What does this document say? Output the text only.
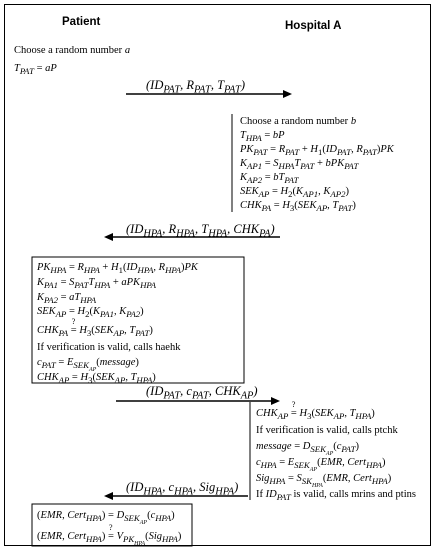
Patient	Hospital A
Choose a random number a
$T_{PAT}$ = aP
($ID_{PAT}$, $R_{PAT}$, $T_{PAT}$)
Choose a random number b
$T_{HPA}$ = bP
$PK_{PAT} = R_{PAT} + H_1(ID_{PAT}$, $R_{PAT})PK$
$K_{AP1} = S_{HPA}T_{PAT} + bPK_{PAT}$
$K_{AP2} = bT_{PAT}$
$SEK_{AP} = H_2(K_{AP1}$, $K_{AP2}$)
$CHK_{PA} = H_3(SEK_{AP}$, $T_{PAT}$)
($ID_{HPA}$, $R_{HPA}$, $T_{HPA}$, $CHK_{PA}$)
$PK_{HPA} = R_{HPA} + H_1(ID_{HPA}$, $R_{HPA})PK$
$K_{PA1} = S_{PAT}T_{HPA} + aPK_{HPA}$
$K_{PA2} = aT_{HPA}$
$SEK_{AP} = H_2(K_{PA1}$, $K_{PA2}$)
$CHK_{PA}$ =
?
$H_3(SEK_{AP}$, $T_{PAT}$)
If verification is valid, calls haehk
$c_{PAT}$ = $E_{SEK_{AP}}(message)$
$CHK_{AP} = H_3(SEK_{AP}$, $T_{HPA}$)
($ID_{PAT}$, $c_{PAT}$, $CHK_{AP}$)
$CHK_{AP}$ =
?
$H_3(SEK_{AP}$, $T_{HPA}$)
If verification is valid, calls ptchk
message = $D_{SEK_{AP}}(c_{PAT})$
$c_{HPA} = E_{SEK_{AP}}(EMR$, Cert$_{HPA}$)
$Sig_{HPA} = S_{SK_{HPA}}(EMR$, Cert$_{HPA}$)
If $ID_{PAT}$ is valid, calls mrins and ptins
($ID_{HPA}$, $c_{HPA}$, Sig$_{HPA}$)
(EMR, Cert$_{HPA}$) = $D_{SEK_{AP}}(c_{HPA})$
(EMR, Cert$_{HPA}$) =
?
$V_{PK_{HPA}}(Sig_{HPA})$
